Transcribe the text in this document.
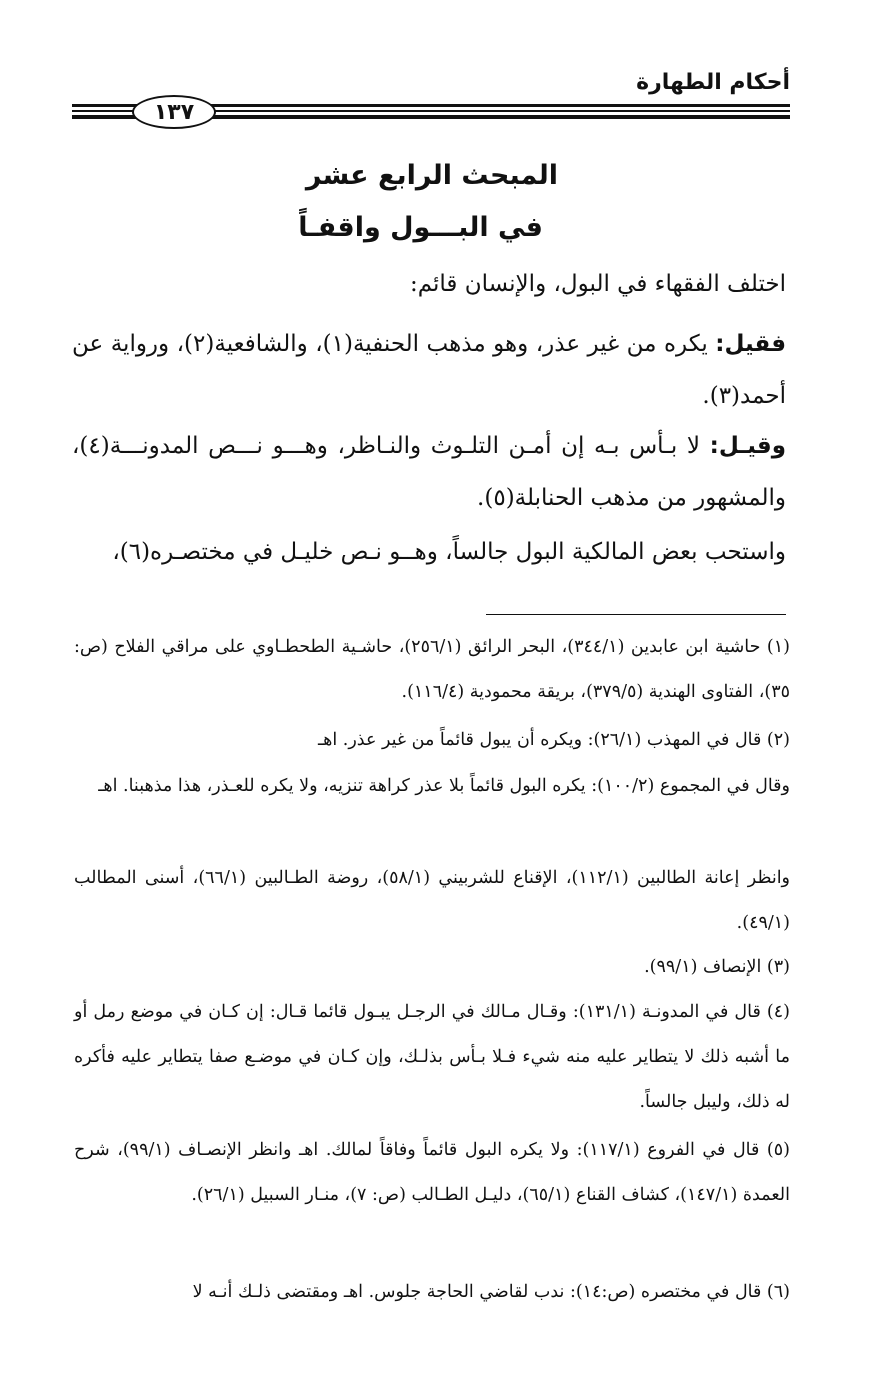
أحكام الطهارة
١٣٧
المبحث الرابع عشر
في البـــول واقفـاً
اختلف الفقهاء في البول، والإنسان قائم:
فقيل: يكره من غير عذر، وهو مذهب الحنفية(١)، والشافعية(٢)، ورواية عن أحمد(٣).
وقيـل: لا بـأس بـه إن أمـن التلـوث والنـاظر، وهـــو نـــص المدونـــة(٤)، والمشهور من مذهب الحنابلة(٥).
واستحب بعض المالكية البول جالساً، وهــو نـص خليـل في مختصـره(٦)،
(١) حاشية ابن عابدين (٣٤٤/١)، البحر الرائق (٢٥٦/١)، حاشـية الطحطـاوي على مراقي الفلاح (ص: ٣٥)، الفتاوى الهندية (٣٧٩/٥)، بريقة محمودية (١١٦/٤).
(٢) قال في المهذب (٢٦/١): ويكره أن يبول قائماً من غير عذر. اهـ
وقال في المجموع (١٠٠/٢): يكره البول قائماً بلا عذر كراهة تنزيه، ولا يكره للعـذر، هذا مذهبنا. اهـ
وانظر إعانة الطالبين (١١٢/١)، الإقناع للشربيني (٥٨/١)، روضة الطـالبين (٦٦/١)، أسنى المطالب (٤٩/١).
(٣) الإنصاف (٩٩/١).
(٤) قال في المدونـة (١٣١/١): وقـال مـالك في الرجـل يبـول قائما قـال: إن كـان في موضع رمل أو ما أشبه ذلك لا يتطاير عليه منه شيء فـلا بـأس بذلـك، وإن كـان في موضـع صفا يتطاير عليه فأكره له ذلك، وليبل جالساً.
(٥) قال في الفروع (١١٧/١): ولا يكره البول قائماً وفاقاً لمالك. اهـ وانظر الإنصـاف (٩٩/١)، شرح العمدة (١٤٧/١)، كشاف القناع (٦٥/١)، دليـل الطـالب (ص: ٧)، منـار السبيل (٢٦/١).
(٦) قال في مختصره (ص:١٤): ندب لقاضي الحاجة جلوس. اهـ ومقتضى ذلـك أنـه لا
